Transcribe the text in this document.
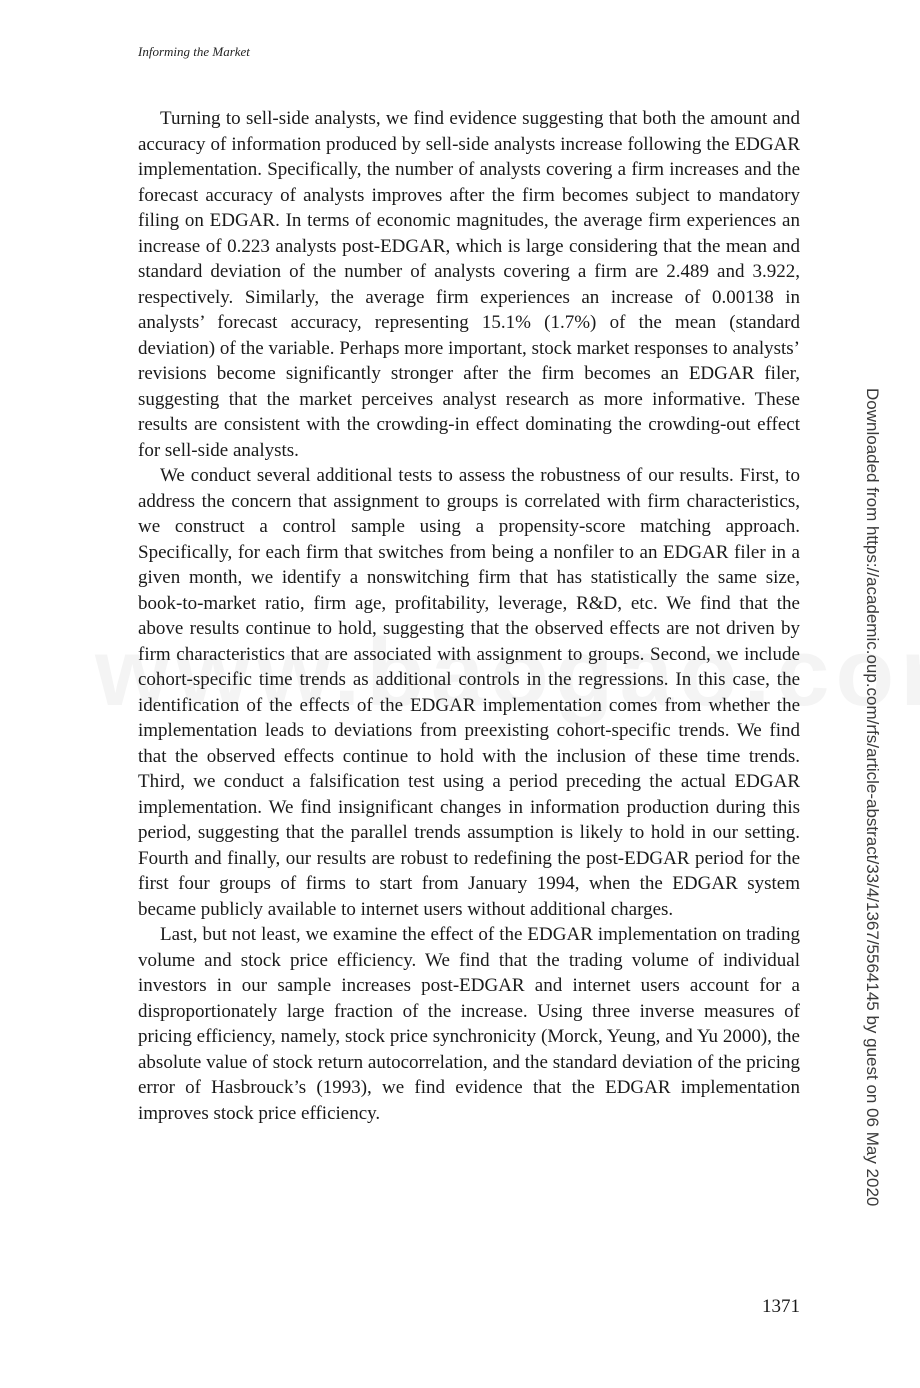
Informing the Market

Turning to sell-side analysts, we find evidence suggesting that both the amount and accuracy of information produced by sell-side analysts increase following the EDGAR implementation. Specifically, the number of analysts covering a firm increases and the forecast accuracy of analysts improves after the firm becomes subject to mandatory filing on EDGAR. In terms of economic magnitudes, the average firm experiences an increase of 0.223 analysts post-EDGAR, which is large considering that the mean and standard deviation of the number of analysts covering a firm are 2.489 and 3.922, respectively. Similarly, the average firm experiences an increase of 0.00138 in analysts’ forecast accuracy, representing 15.1% (1.7%) of the mean (standard deviation) of the variable. Perhaps more important, stock market responses to analysts’ revisions become significantly stronger after the firm becomes an EDGAR filer, suggesting that the market perceives analyst research as more informative. These results are consistent with the crowding-in effect dominating the crowding-out effect for sell-side analysts.

We conduct several additional tests to assess the robustness of our results. First, to address the concern that assignment to groups is correlated with firm characteristics, we construct a control sample using a propensity-score matching approach. Specifically, for each firm that switches from being a nonfiler to an EDGAR filer in a given month, we identify a nonswitching firm that has statistically the same size, book-to-market ratio, firm age, profitability, leverage, R&D, etc. We find that the above results continue to hold, suggesting that the observed effects are not driven by firm characteristics that are associated with assignment to groups. Second, we include cohort-specific time trends as additional controls in the regressions. In this case, the identification of the effects of the EDGAR implementation comes from whether the implementation leads to deviations from preexisting cohort-specific trends. We find that the observed effects continue to hold with the inclusion of these time trends. Third, we conduct a falsification test using a period preceding the actual EDGAR implementation. We find insignificant changes in information production during this period, suggesting that the parallel trends assumption is likely to hold in our setting. Fourth and finally, our results are robust to redefining the post-EDGAR period for the first four groups of firms to start from January 1994, when the EDGAR system became publicly available to internet users without additional charges.

Last, but not least, we examine the effect of the EDGAR implementation on trading volume and stock price efficiency. We find that the trading volume of individual investors in our sample increases post-EDGAR and internet users account for a disproportionately large fraction of the increase. Using three inverse measures of pricing efficiency, namely, stock price synchronicity (Morck, Yeung, and Yu 2000), the absolute value of stock return autocorrelation, and the standard deviation of the pricing error of Hasbrouck’s (1993), we find evidence that the EDGAR implementation improves stock price efficiency.	Downloaded from https://academic.oup.com/rfs/article-abstract/33/4/1367/5564145 by guest on 06 May 2020
1371
